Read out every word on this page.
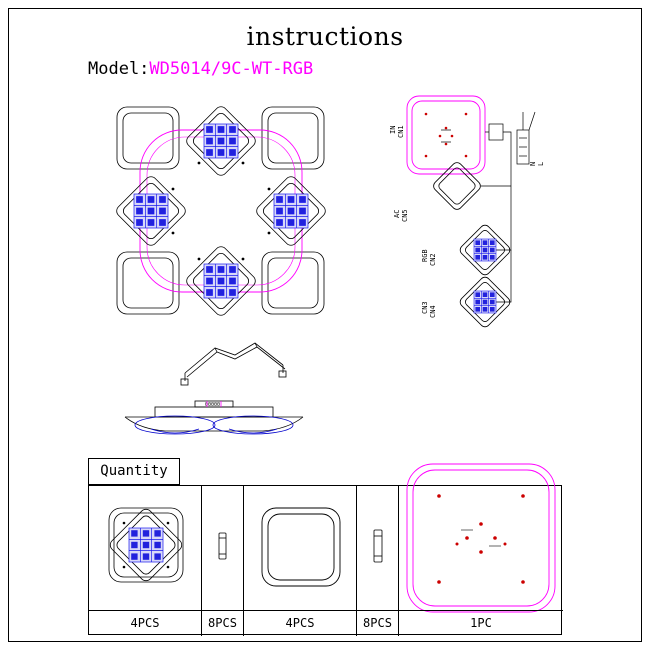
instructions
Model:WD5014/9C-WT-RGB
00000
IN CN1
AC CN5
RGB CN2
CN3 CN4
N L
Quantity
4PCS	8PCS	4PCS	8PCS	1PC
